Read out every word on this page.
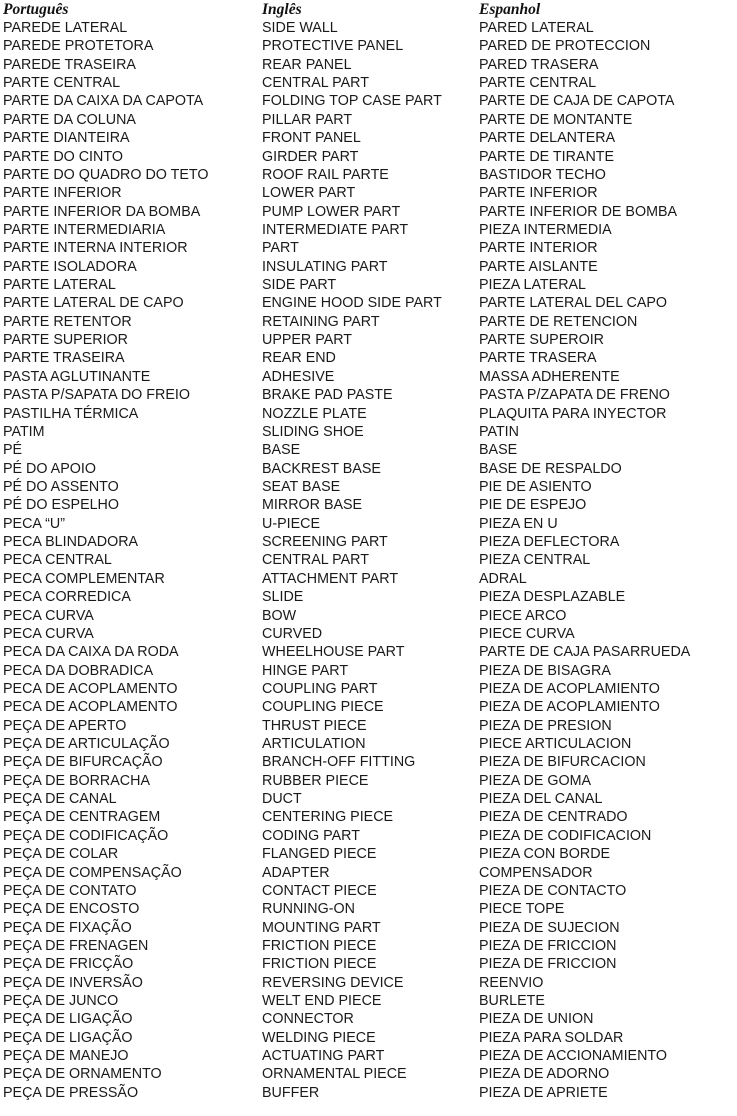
Português	Inglês	Espanhol
PAREDE LATERAL	SIDE WALL	PARED LATERAL
PAREDE PROTETORA	PROTECTIVE PANEL	PARED DE PROTECCION
PAREDE TRASEIRA	REAR PANEL	PARED TRASERA
PARTE CENTRAL	CENTRAL PART	PARTE CENTRAL
PARTE DA CAIXA DA CAPOTA	FOLDING TOP CASE PART	PARTE DE CAJA DE CAPOTA
PARTE DA COLUNA	PILLAR PART	PARTE DE MONTANTE
PARTE DIANTEIRA	FRONT PANEL	PARTE DELANTERA
PARTE DO CINTO	GIRDER PART	PARTE DE TIRANTE
PARTE DO QUADRO DO TETO	ROOF RAIL PARTE	BASTIDOR TECHO
PARTE INFERIOR	LOWER PART	PARTE INFERIOR
PARTE INFERIOR DA BOMBA	PUMP LOWER PART	PARTE INFERIOR DE BOMBA
PARTE INTERMEDIARIA	INTERMEDIATE PART	PIEZA INTERMEDIA
PARTE INTERNA INTERIOR	PART	PARTE INTERIOR
PARTE ISOLADORA	INSULATING PART	PARTE AISLANTE
PARTE LATERAL	SIDE PART	PIEZA LATERAL
PARTE LATERAL DE CAPO	ENGINE HOOD SIDE PART	PARTE LATERAL DEL CAPO
PARTE RETENTOR	RETAINING PART	PARTE DE RETENCION
PARTE SUPERIOR	UPPER PART	PARTE SUPEROIR
PARTE TRASEIRA	REAR END	PARTE TRASERA
PASTA AGLUTINANTE	ADHESIVE	MASSA ADHERENTE
PASTA P/SAPATA DO FREIO	BRAKE PAD PASTE	PASTA P/ZAPATA DE FRENO
PASTILHA TÉRMICA	NOZZLE PLATE	PLAQUITA PARA INYECTOR
PATIM	SLIDING SHOE	PATIN
PÉ	BASE	BASE
PÉ DO APOIO	BACKREST BASE	BASE DE RESPALDO
PÉ DO ASSENTO	SEAT BASE	PIE DE ASIENTO
PÉ DO ESPELHO	MIRROR BASE	PIE DE ESPEJO
PECA “U”	U-PIECE	PIEZA EN U
PECA BLINDADORA	SCREENING PART	PIEZA DEFLECTORA
PECA CENTRAL	CENTRAL PART	PIEZA CENTRAL
PECA COMPLEMENTAR	ATTACHMENT PART	ADRAL
PECA CORREDICA	SLIDE	PIEZA DESPLAZABLE
PECA CURVA	BOW	PIECE ARCO
PECA CURVA	CURVED	PIECE CURVA
PECA DA CAIXA DA RODA	WHEELHOUSE PART	PARTE DE CAJA PASARRUEDA
PECA DA DOBRADICA	HINGE PART	PIEZA DE BISAGRA
PECA DE ACOPLAMENTO	COUPLING PART	PIEZA DE ACOPLAMIENTO
PECA DE ACOPLAMENTO	COUPLING PIECE	PIEZA DE ACOPLAMIENTO
PEÇA DE APERTO	THRUST PIECE	PIEZA DE PRESION
PEÇA DE ARTICULAÇÃO	ARTICULATION	PIECE ARTICULACION
PEÇA DE BIFURCAÇÃO	BRANCH-OFF FITTING	PIEZA DE BIFURCACION
PEÇA DE BORRACHA	RUBBER PIECE	PIEZA DE GOMA
PEÇA DE CANAL	DUCT	PIEZA DEL CANAL
PEÇA DE CENTRAGEM	CENTERING PIECE	PIEZA DE CENTRADO
PEÇA DE CODIFICAÇÃO	CODING PART	PIEZA DE CODIFICACION
PEÇA DE COLAR	FLANGED PIECE	PIEZA CON BORDE
PEÇA DE COMPENSAÇÃO	ADAPTER	COMPENSADOR
PEÇA DE CONTATO	CONTACT PIECE	PIEZA DE CONTACTO
PEÇA DE ENCOSTO	RUNNING-ON	PIECE TOPE
PEÇA DE FIXAÇÃO	MOUNTING PART	PIEZA DE SUJECION
PEÇA DE FRENAGEN	FRICTION PIECE	PIEZA DE FRICCION
PEÇA DE FRICÇÃO	FRICTION PIECE	PIEZA DE FRICCION
PEÇA DE INVERSÃO	REVERSING DEVICE	REENVIO
PEÇA DE JUNCO	WELT END PIECE	BURLETE
PEÇA DE LIGAÇÃO	CONNECTOR	PIEZA DE UNION
PEÇA DE LIGAÇÃO	WELDING PIECE	PIEZA PARA SOLDAR
PEÇA DE MANEJO	ACTUATING PART	PIEZA DE ACCIONAMIENTO
PEÇA DE ORNAMENTO	ORNAMENTAL PIECE	PIEZA DE ADORNO
PEÇA DE PRESSÃO	BUFFER	PIEZA DE APRIETE
